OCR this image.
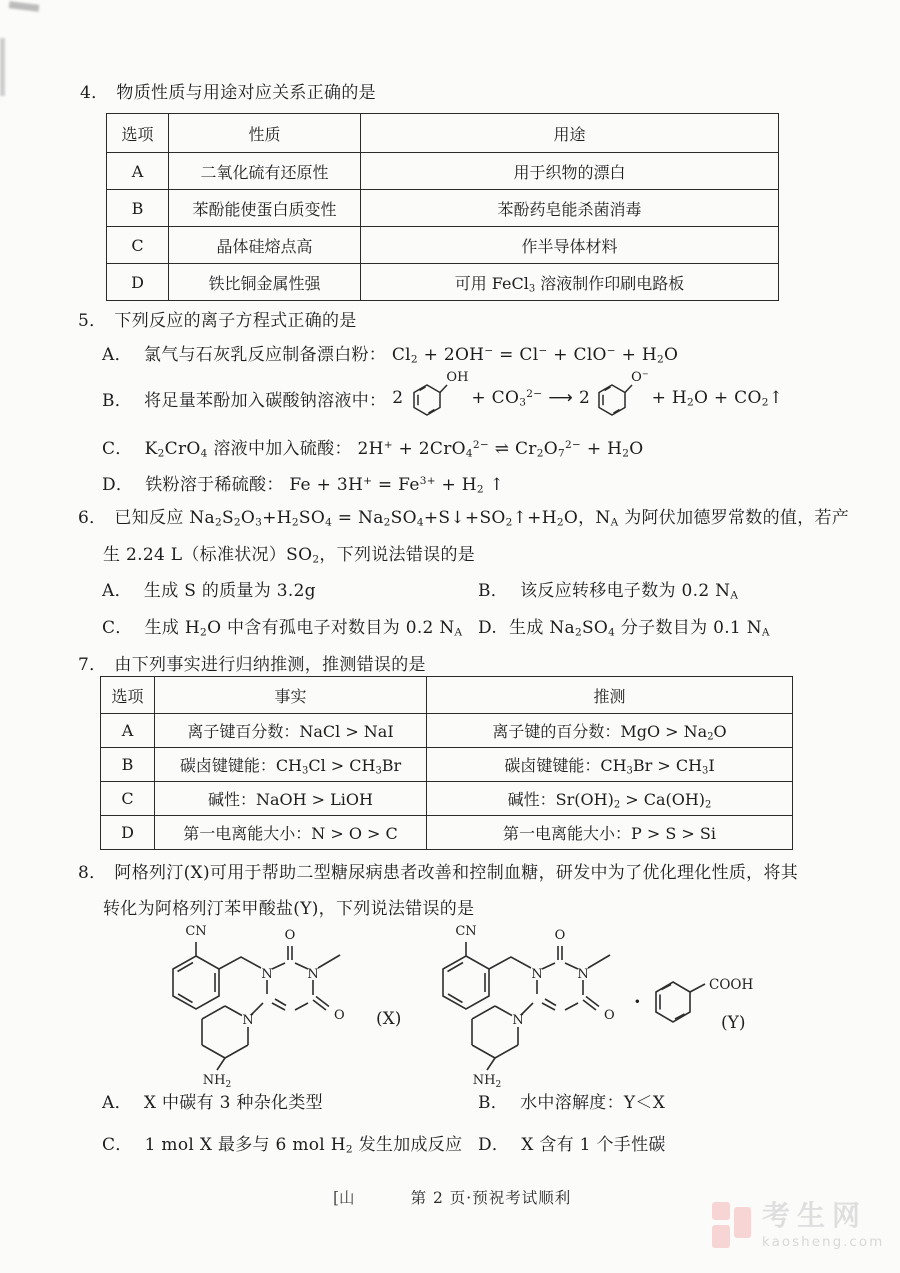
4． 物质性质与用途对应关系正确的是
选项	性质	用途
A	二氧化硫有还原性	用于织物的漂白
B	苯酚能使蛋白质变性	苯酚药皂能杀菌消毒
C	晶体硅熔点高	作半导体材料
D	铁比铜金属性强	可用 FeCl$_3$ 溶液制作印刷电路板
5． 下列反应的离子方程式正确的是
A． 氯气与石灰乳反应制备漂白粉： $Cl_2 + 2OH^- = Cl^- + ClO^- + H_2O$
B． 将足量苯酚加入碳酸钠溶液中： 2
OH
+ $CO_3^{2-}$ ⟶ 2
O−
+ $H_2O$ + $CO_2↑$
C． $K_2CrO_4$ 溶液中加入硫酸： 2H+ + 2CrO$_4^{2-}$ ⇌ $Cr_2O_7^{2-} + H_2O$
D． 铁粉溶于稀硫酸： $Fe + 3H^+ = Fe^{3+} + H_2$ ↑
6． 已知反应 $Na_2S_2O_3+H_2SO_4$ = $Na_2SO_4+S↓+SO_2↑+H_2O$，$N_A$ 为阿伏加德罗常数的值，若产
生 2.24 L（标准状况）$SO_2$，下列说法错误的是
A． 生成 S 的质量为 3.2g	B． 该反应转移电子数为 0.2 $N_A$
C． 生成 $H_2O$ 中含有孤电子对数目为 0.2 $N_A$ D. 生成 $Na_2SO_4$ 分子数目为 0.1 $N_A$
7． 由下列事实进行归纳推测，推测错误的是
选项	事实	推测
A	离子键百分数：NaCl > NaI	离子键的百分数：MgO > $Na_2O$
B	碳卤键键能：$CH_3Cl > CH_3Br$	碳卤键键能：$CH_3Br > CH_3I$
C	碱性：NaOH > LiOH	碱性：$Sr(OH)_2 > Ca(OH)_2$
D	第一电离能大小：N > O > C	第一电离能大小：P > S > Si
8． 阿格列汀(X)可用于帮助二型糖尿病患者改善和控制血糖，研发中为了优化理化性质，将其
转化为阿格列汀苯甲酸盐(Y)，下列说法错误的是
(X)
·
COOH
(Y)
A． X 中碳有 3 种杂化类型	B． 水中溶解度：Y＜X
C． 1 mol X 最多与 6 mol $H_2$ 发生加成反应 D． X 含有 1 个手性碳
[山	第 2 页·预祝考试顺利
考生网
kaosheng.com
